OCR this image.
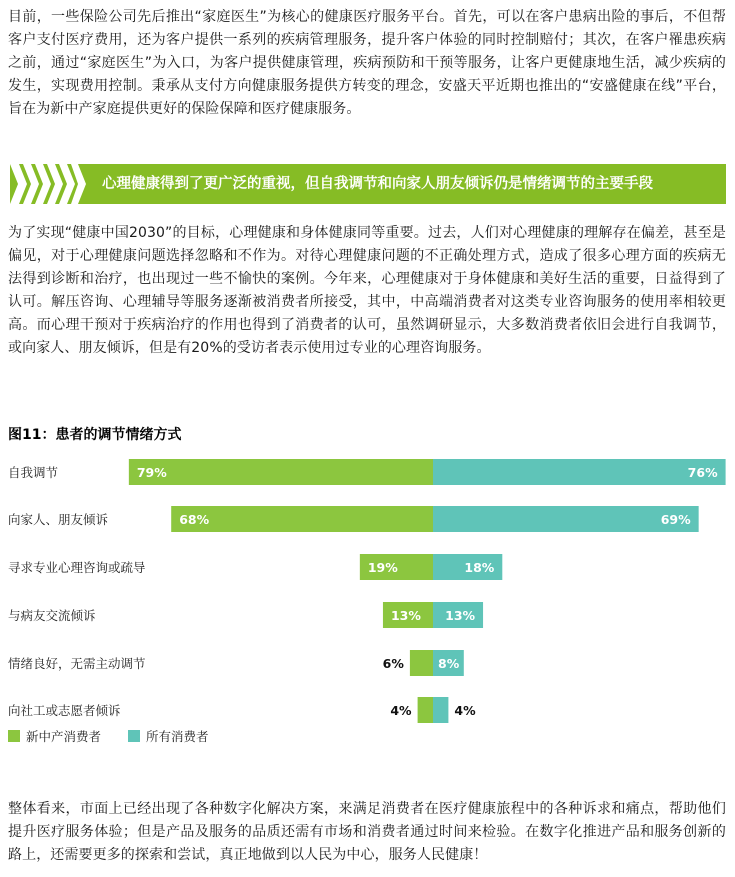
目前，一些保险公司先后推出“家庭医生”为核心的健康医疗服务平台。首先，可以在客户患病出险的事后，不但帮客户支付医疗费用，还为客户提供一系列的疾病管理服务，提升客户体验的同时控制赔付；其次，在客户罹患疾病之前，通过“家庭医生”为入口，为客户提供健康管理，疾病预防和干预等服务，让客户更健康地生活，减少疾病的发生，实现费用控制。秉承从支付方向健康服务提供方转变的理念，安盛天平近期也推出的“安盛健康在线”平台，旨在为新中产家庭提供更好的保险保障和医疗健康服务。
心理健康得到了更广泛的重视，但自我调节和向家人朋友倾诉仍是情绪调节的主要手段
为了实现“健康中国2030”的目标，心理健康和身体健康同等重要。过去，人们对心理健康的理解存在偏差，甚至是偏见，对于心理健康问题选择忽略和不作为。对待心理健康问题的不正确处理方式，造成了很多心理方面的疾病无法得到诊断和治疗，也出现过一些不愉快的案例。今年来，心理健康对于身体健康和美好生活的重要，日益得到了认可。解压咨询、心理辅导等服务逐渐被消费者所接受，其中，中高端消费者对这类专业咨询服务的使用率相较更高。而心理干预对于疾病治疗的作用也得到了消费者的认可，虽然调研显示，大多数消费者依旧会进行自我调节，或向家人、朋友倾诉，但是有20%的受访者表示使用过专业的心理咨询服务。
图11：患者的调节情绪方式
自我调节	79%	76%
向家人、朋友倾诉	68%	69%
寻求专业心理咨询或疏导	19%	18%
与病友交流倾诉	13% 13%
情绪良好，无需主动调节	6%	8%
向社工或志愿者倾诉	4%	4%
新中产消费者	所有消费者
整体看来，市面上已经出现了各种数字化解决方案，来满足消费者在医疗健康旅程中的各种诉求和痛点，帮助他们提升医疗服务体验；但是产品及服务的品质还需有市场和消费者通过时间来检验。在数字化推进产品和服务创新的路上，还需要更多的探索和尝试，真正地做到以人民为中心，服务人民健康！
